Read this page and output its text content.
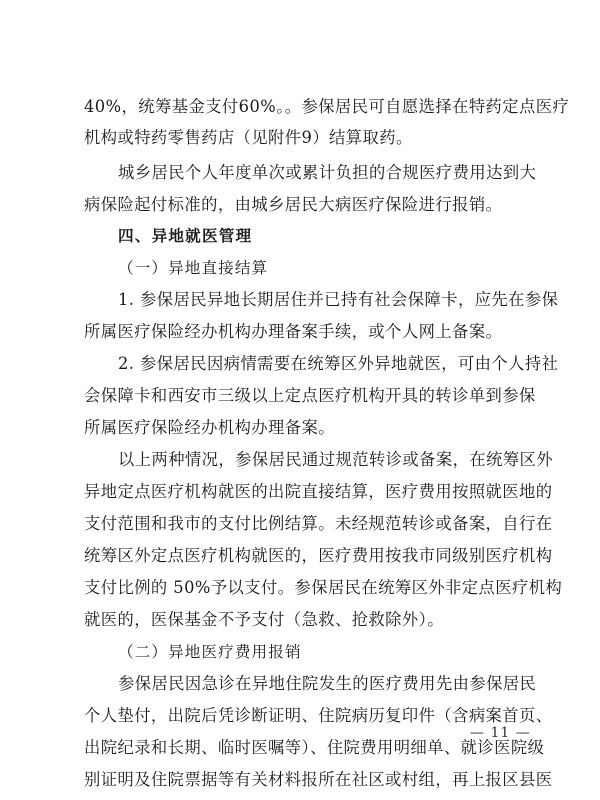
40%，统筹基金支付60%。。参保居民可自愿选择在特药定点医疗
机构或特药零售药店（见附件9）结算取药。
城乡居民个人年度单次或累计负担的合规医疗费用达到大
病保险起付标准的，由城乡居民大病医疗保险进行报销。
四、异地就医管理
（一）异地直接结算
1. 参保居民异地长期居住并已持有社会保障卡，应先在参保
所属医疗保险经办机构办理备案手续，或个人网上备案。
2. 参保居民因病情需要在统筹区外异地就医，可由个人持社
会保障卡和西安市三级以上定点医疗机构开具的转诊单到参保
所属医疗保险经办机构办理备案。
以上两种情况，参保居民通过规范转诊或备案，在统筹区外
异地定点医疗机构就医的出院直接结算，医疗费用按照就医地的
支付范围和我市的支付比例结算。未经规范转诊或备案，自行在
统筹区外定点医疗机构就医的，医疗费用按我市同级别医疗机构
支付比例的 50%予以支付。参保居民在统筹区外非定点医疗机构
就医的，医保基金不予支付（急救、抢救除外）。
（二）异地医疗费用报销
参保居民因急诊在异地住院发生的医疗费用先由参保居民
个人垫付，出院后凭诊断证明、住院病历复印件（含病案首页、
出院纪录和长期、临时医嘱等）、住院费用明细单、就诊医院级
别证明及住院票据等有关材料报所在社区或村组，再上报区县医
— 11 —
